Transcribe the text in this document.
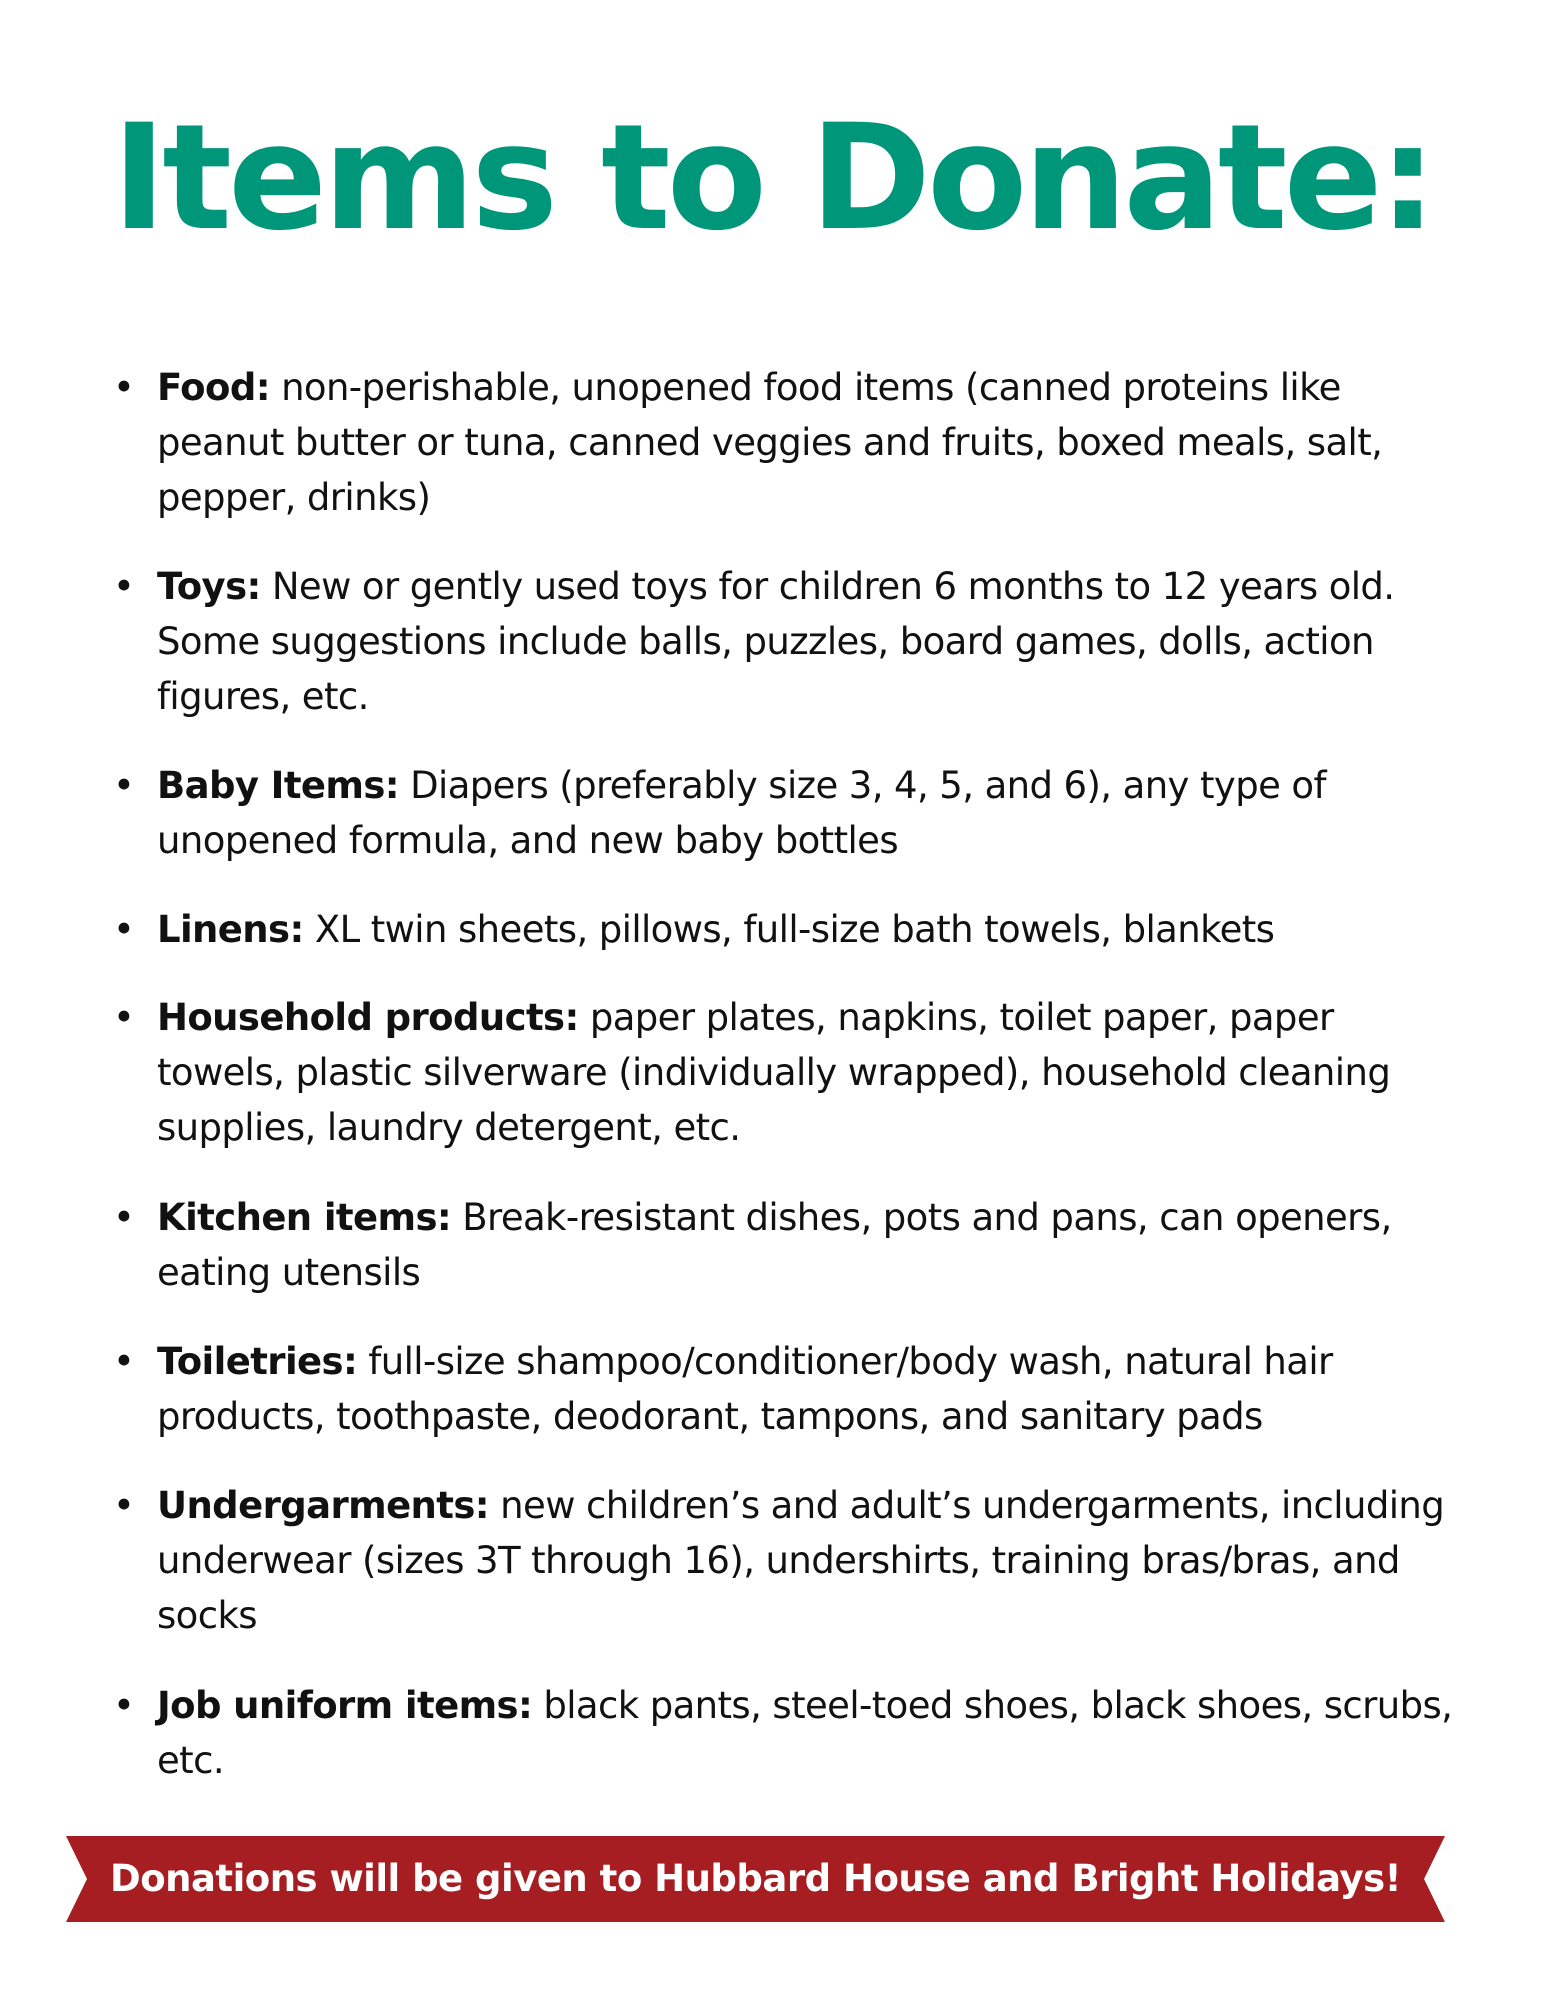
Items to Donate:
• Food: non-perishable, unopened food items (canned proteins like peanut butter or tuna, canned veggies and fruits, boxed meals, salt, pepper, drinks)
• Toys: New or gently used toys for children 6 months to 12 years old. Some suggestions include balls, puzzles, board games, dolls, action figures, etc.
• Baby Items: Diapers (preferably size 3, 4, 5, and 6), any type of unopened formula, and new baby bottles
• Linens: XL twin sheets, pillows, full-size bath towels, blankets
• Household products: paper plates, napkins, toilet paper, paper towels, plastic silverware (individually wrapped), household cleaning supplies, laundry detergent, etc.
• Kitchen items: Break-resistant dishes, pots and pans, can openers, eating utensils
• Toiletries: full-size shampoo/conditioner/body wash, natural hair products, toothpaste, deodorant, tampons, and sanitary pads
• Undergarments: new children’s and adult’s undergarments, including underwear (sizes 3T through 16), undershirts, training bras/bras, and socks
• Job uniform items: black pants, steel-toed shoes, black shoes, scrubs, etc.
Donations will be given to Hubbard House and Bright Holidays!
